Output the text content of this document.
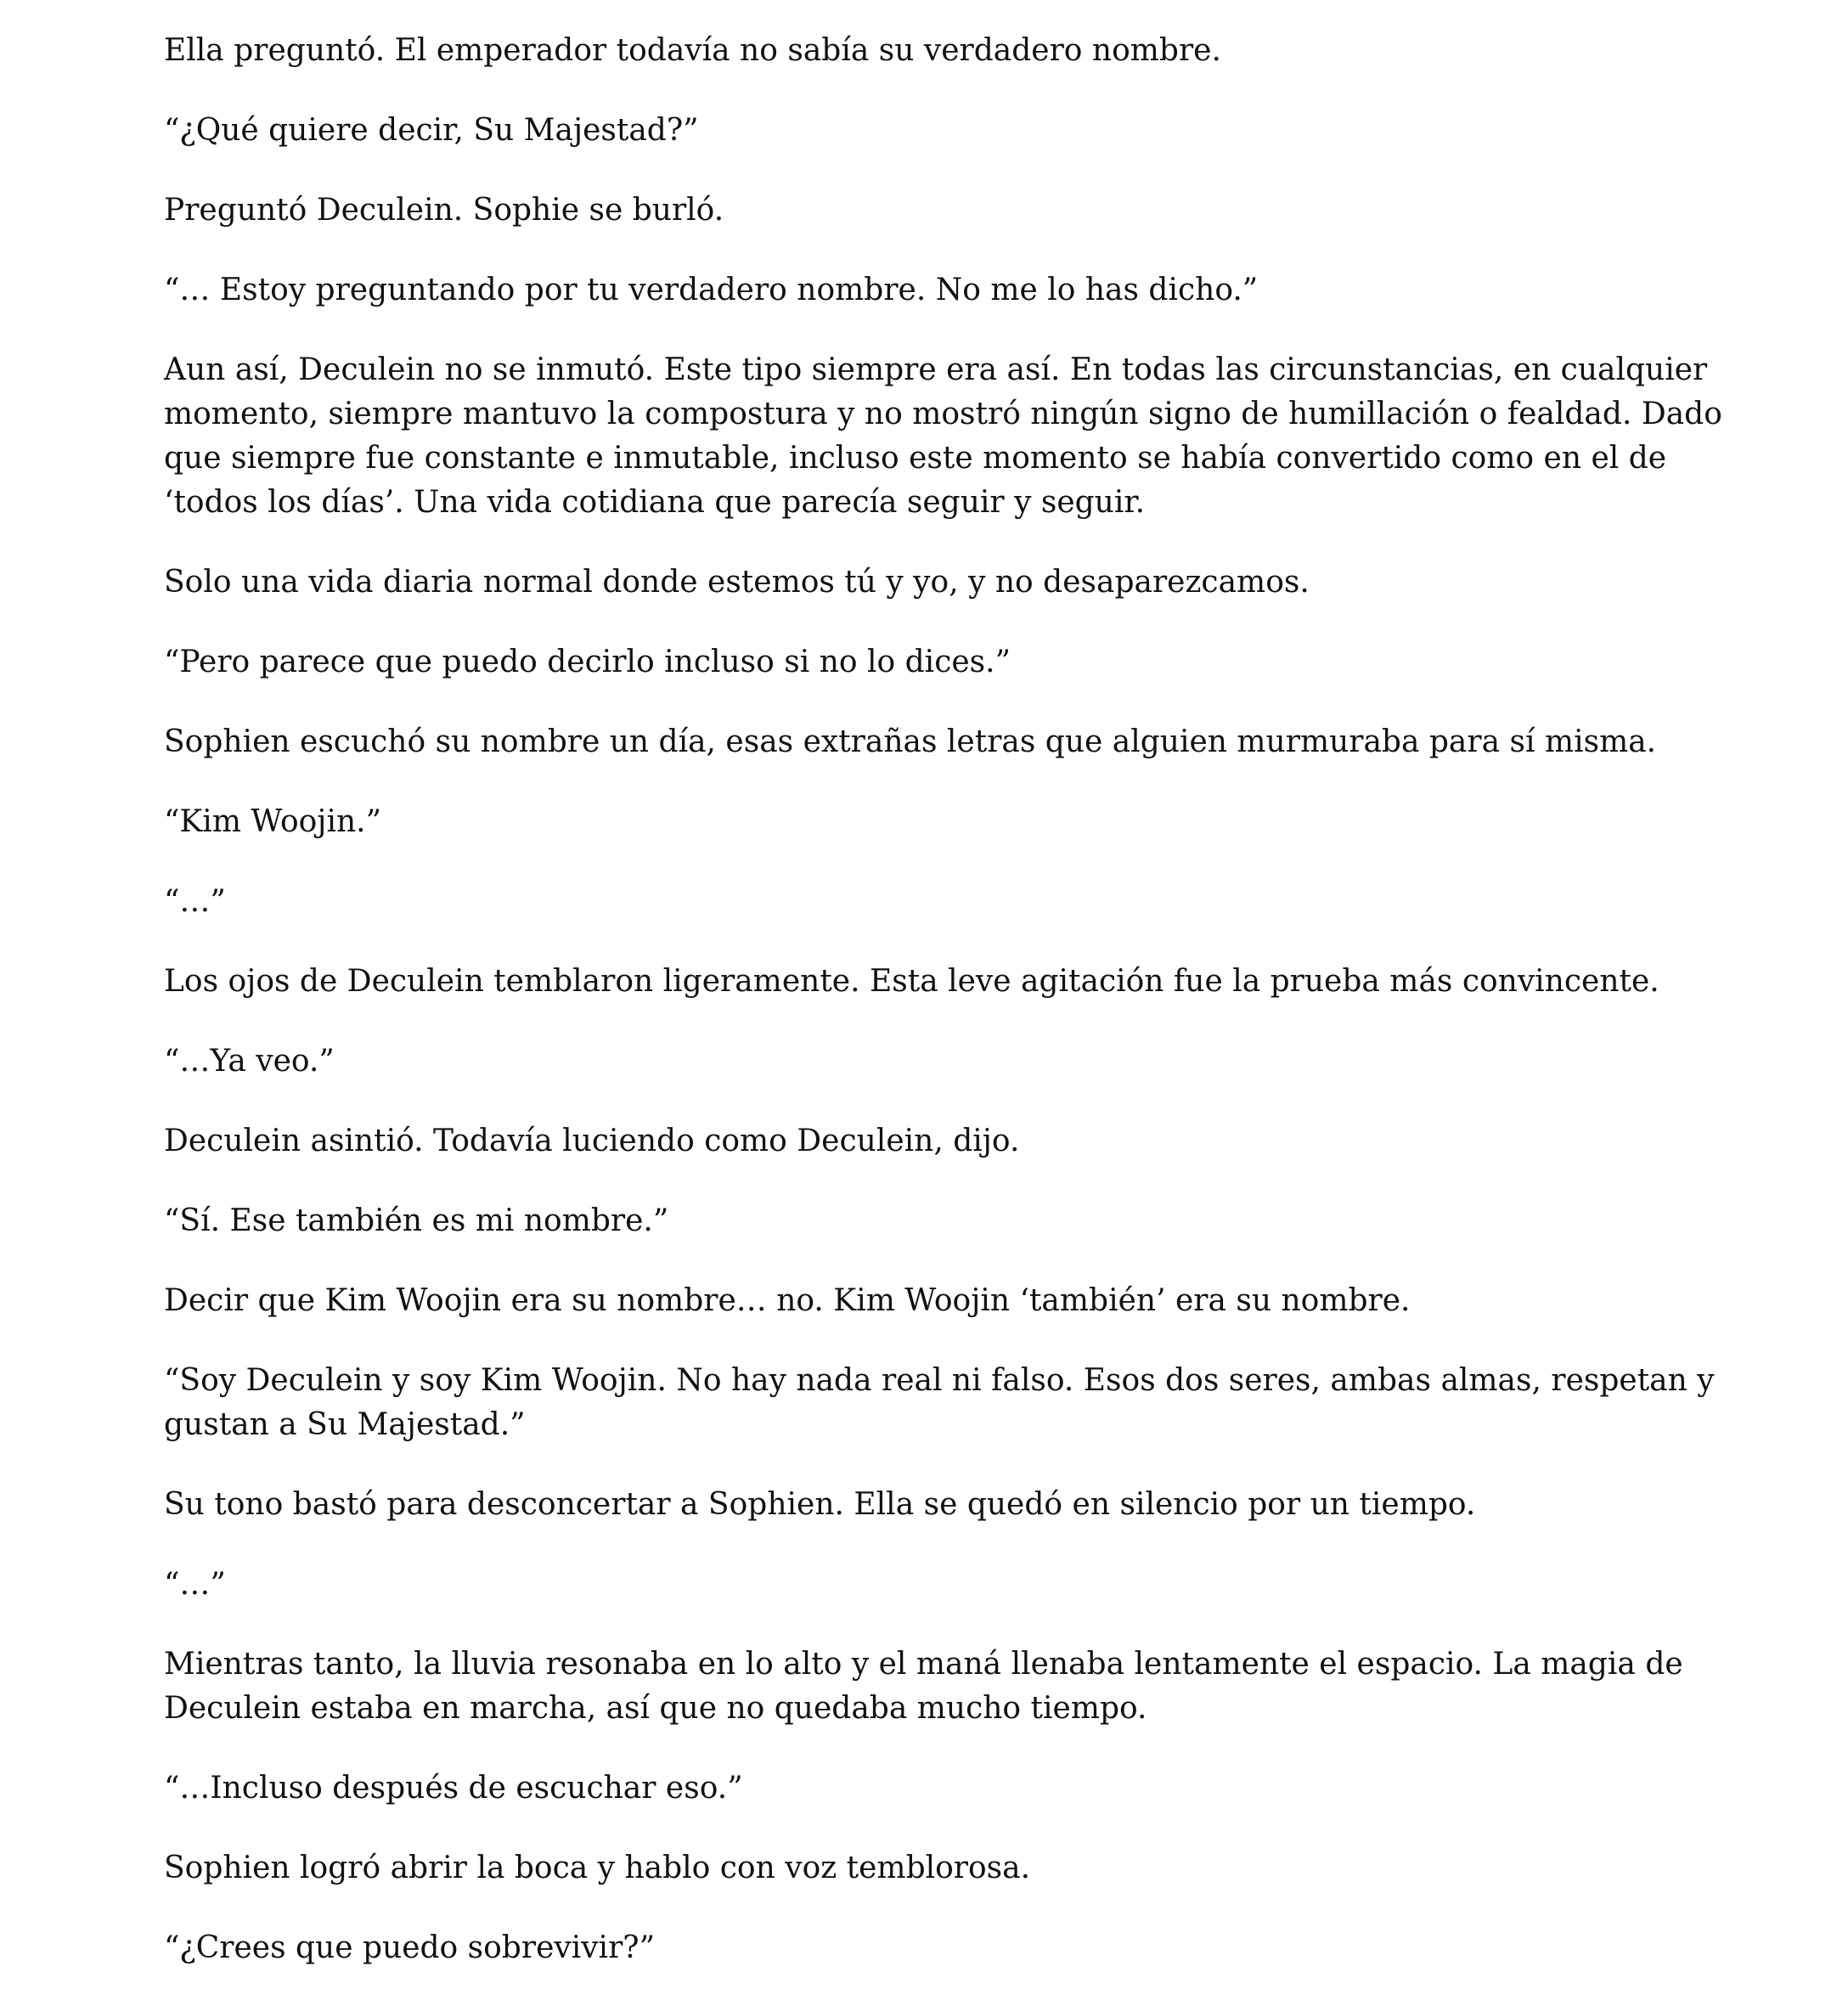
Ella preguntó. El emperador todavía no sabía su verdadero nombre.

“¿Qué quiere decir, Su Majestad?”

Preguntó Deculein. Sophie se burló.

“… Estoy preguntando por tu verdadero nombre. No me lo has dicho.”

Aun así, Deculein no se inmutó. Este tipo siempre era así. En todas las circunstancias, en cualquier momento, siempre mantuvo la compostura y no mostró ningún signo de humillación o fealdad. Dado que siempre fue constante e inmutable, incluso este momento se había convertido como en el de ‘todos los días’. Una vida cotidiana que parecía seguir y seguir.

Solo una vida diaria normal donde estemos tú y yo, y no desaparezcamos.

“Pero parece que puedo decirlo incluso si no lo dices.”

Sophien escuchó su nombre un día, esas extrañas letras que alguien murmuraba para sí misma.

“Kim Woojin.”

“…”

Los ojos de Deculein temblaron ligeramente. Esta leve agitación fue la prueba más convincente.

“…Ya veo.”

Deculein asintió. Todavía luciendo como Deculein, dijo.

“Sí. Ese también es mi nombre.”

Decir que Kim Woojin era su nombre… no. Kim Woojin ‘también’ era su nombre.

“Soy Deculein y soy Kim Woojin. No hay nada real ni falso. Esos dos seres, ambas almas, respetan y gustan a Su Majestad.”

Su tono bastó para desconcertar a Sophien. Ella se quedó en silencio por un tiempo.

“…”

Mientras tanto, la lluvia resonaba en lo alto y el maná llenaba lentamente el espacio. La magia de Deculein estaba en marcha, así que no quedaba mucho tiempo.

“…Incluso después de escuchar eso.”

Sophien logró abrir la boca y hablo con voz temblorosa.

“¿Crees que puedo sobrevivir?”
